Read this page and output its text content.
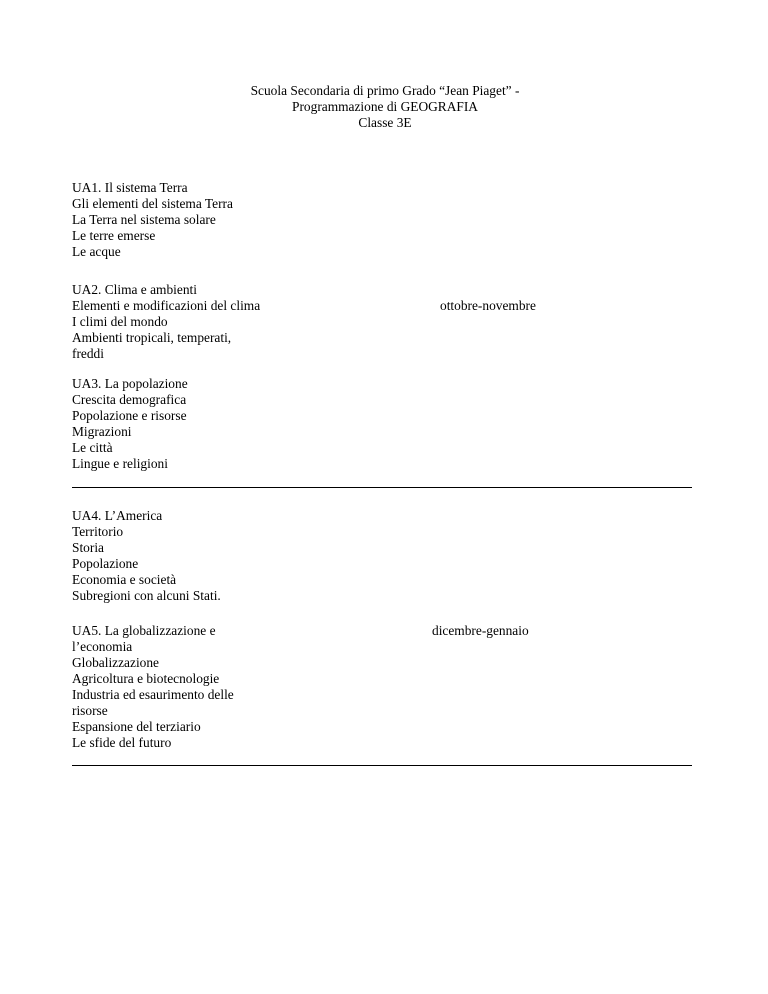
Scuola Secondaria di primo Grado “Jean Piaget” -
Programmazione di GEOGRAFIA
Classe 3E
UA1. Il sistema Terra
Gli elementi del sistema Terra
La Terra nel sistema solare
Le terre emerse
Le acque
UA2. Clima e ambienti
Elementi e modificazioni del clima
I climi del mondo
Ambienti tropicali, temperati,
freddi
ottobre-novembre
UA3. La popolazione
Crescita demografica
Popolazione e risorse
Migrazioni
Le città
Lingue e religioni
UA4. L’America
Territorio
Storia
Popolazione
Economia e società
Subregioni con alcuni Stati.
UA5. La globalizzazione e
l’economia
Globalizzazione
Agricoltura e biotecnologie
Industria ed esaurimento delle
risorse
Espansione del terziario
Le sfide del futuro
dicembre-gennaio
